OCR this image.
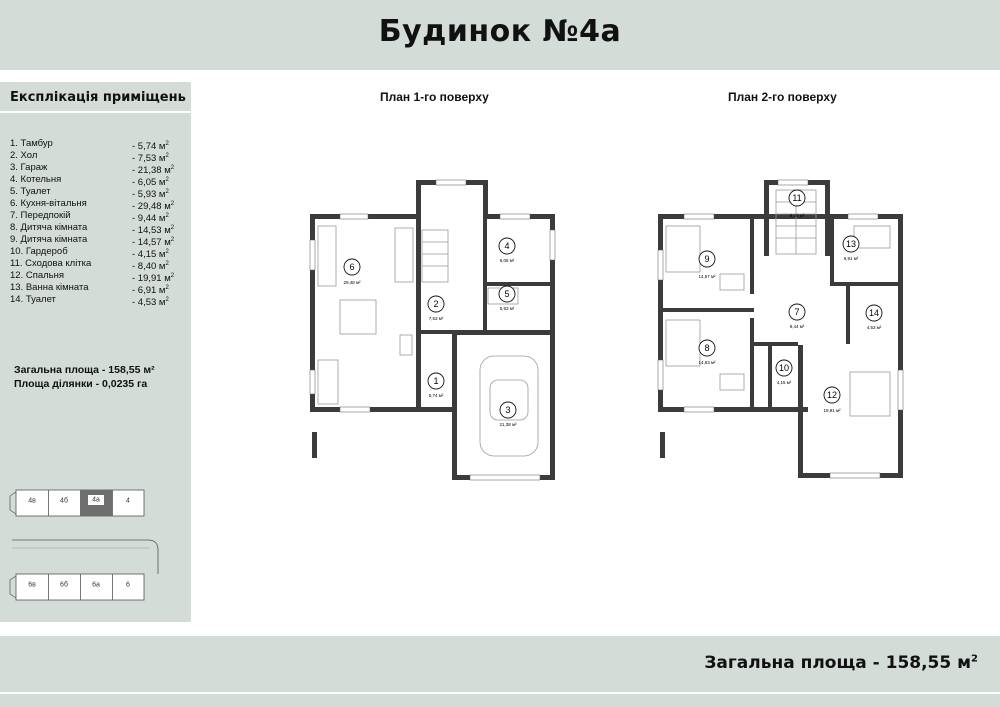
Будинок №4а
Експлікація приміщень
1. Тамбур	- 5,74 $м^2$
2. Хол	- 7,53 $м^2$
3. Гараж	- 21,38 $м^2$
4. Котельня	- 6,05 $м^2$
5. Туалет	- 5,93 $м^2$
6. Кухня-вітальня	- 29,48 $м^2$
7. Передпокій	- 9,44 $м^2$
8. Дитяча кімната	- 14,53 $м^2$
9. Дитяча кімната	- 14,57 $м^2$
10. Гардероб	- 4,15 $м^2$
11. Сходова клітка	- 8,40 $м^2$
12. Спальня	- 19,91 $м^2$
13. Ванна кімната	- 6,91 $м^2$
14. Туалет	- 4,53 $м^2$
Загальна площа - 158,55 м²
Площа ділянки - 0,0235 га
4в	4б	4а	4
6в	6б	6а	6
План 1-го поверху	План 2-го поверху
6
29,48 м²
2
7,53 м²
4
6,05 м²
5
5,93 м²
1
5,74 м²
3
21,38 м²
11
8,40 м²
9
14,57 м²
13
6,91 м²
7
9,44 м²
14
4,53 м²
8
14,53 м²
10
4,15 м²
12
19,91 м²
Загальна площа - 158,55 $м^2$
